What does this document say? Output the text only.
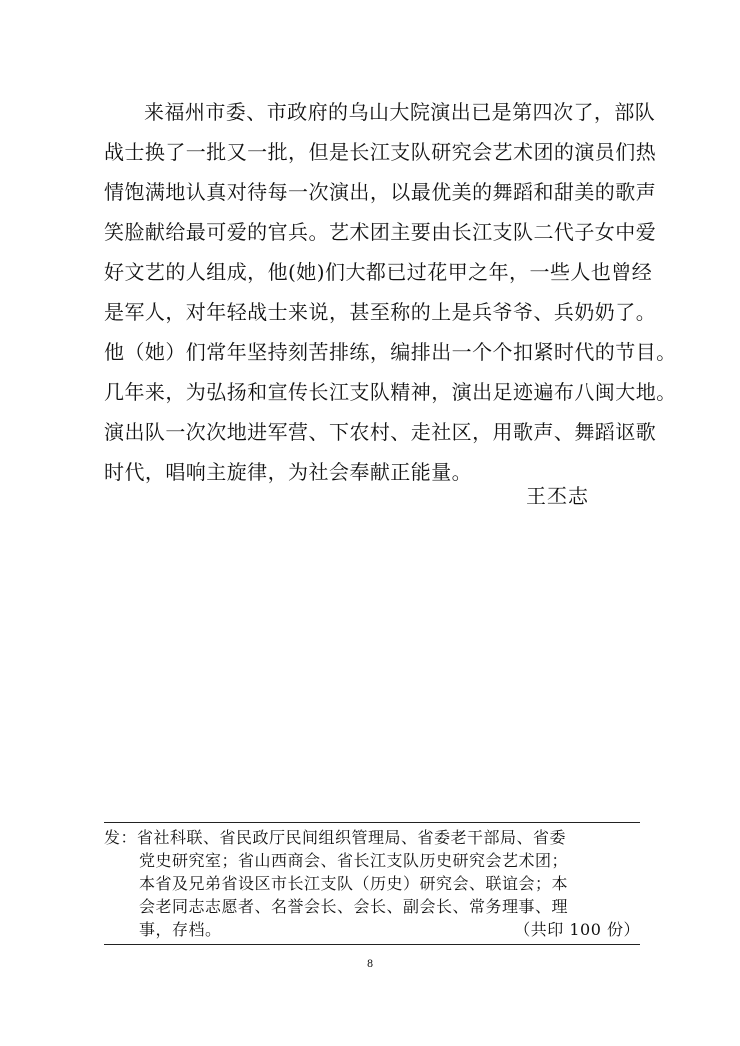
来福州市委、市政府的乌山大院演出已是第四次了，部队
战士换了一批又一批，但是长江支队研究会艺术团的演员们热
情饱满地认真对待每一次演出，以最优美的舞蹈和甜美的歌声
笑脸献给最可爱的官兵。艺术团主要由长江支队二代子女中爱
好文艺的人组成，他(她)们大都已过花甲之年，一些人也曾经
是军人，对年轻战士来说，甚至称的上是兵爷爷、兵奶奶了。
他（她）们常年坚持刻苦排练，编排出一个个扣紧时代的节目。
几年来，为弘扬和宣传长江支队精神，演出足迹遍布八闽大地。
演出队一次次地进军营、下农村、走社区，用歌声、舞蹈讴歌
时代，唱响主旋律，为社会奉献正能量。
王丕志
发：省社科联、省民政厅民间组织管理局、省委老干部局、省委
党史研究室；省山西商会、省长江支队历史研究会艺术团；
本省及兄弟省设区市长江支队（历史）研究会、联谊会；本
会老同志志愿者、名誉会长、会长、副会长、常务理事、理
事，存档。	（共印 100 份）
8
